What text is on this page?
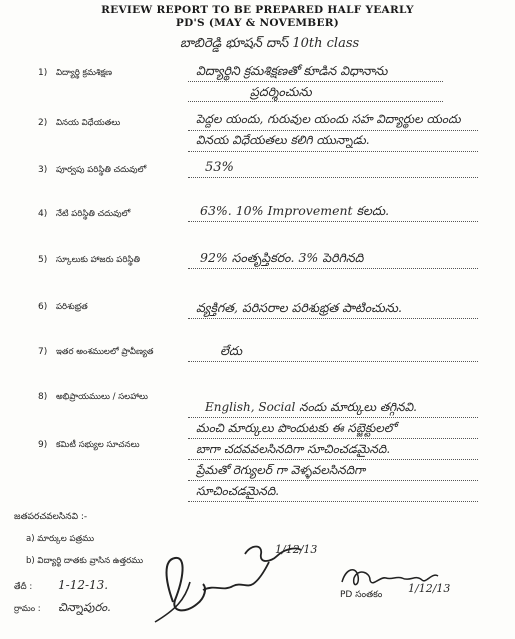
REVIEW REPORT TO BE PREPARED HALF YEARLY
PD'S (MAY & NOVEMBER)
బాబిరెడ్డి భూషన్ దాస్ 10th class
1) విద్యార్థి క్రమశిక్షణ	విద్యార్థిని క్రమశిక్షణతో కూడిన విధానాను
ప్రదర్శించును
2) వినయ విధేయతలు	పెద్దల యందు, గురువుల యందు సహ విద్యార్థుల యందు
వినయ విధేయతలు కలిగి యున్నాడు.
3) పూర్వపు పరిస్థితి చదువులో	53%
4) నేటి పరిస్థితి చదువులో	63%. 10% Improvement కలదు.
5) స్కూలుకు హాజరు పరిస్థితి	92% సంతృప్తికరం. 3% పెరిగినది
6) పరిశుభ్రత	వ్యక్తిగత, పరిసరాల పరిశుభ్రత పాటించును.
7) ఇతర అంశములలో ప్రావీణ్యత	లేదు
8) అభిప్రాయములు / సలహాలు
English, Social నందు మార్కులు తగ్గినవి.
మంచి మార్కులు పొందుటకు ఈ సబ్జెక్టులలో
9) కమిటీ సభ్యుల సూచనలు	బాగా చదవవలసినదిగా సూచించడమైనది.
ప్రేమతో రెగ్యులర్ గా వెళ్ళవలసినదిగా
సూచించడమైనది.
జతపరచవలసినవి :-
a) మార్కుల పత్రము
b) విద్యార్థి దాతకు వ్రాసిన ఉత్తరము
తేదీ : 1-12-13.
ర్రామం : చిన్నాపురం.
1/12/13
PD సంతకం 1/12/13
